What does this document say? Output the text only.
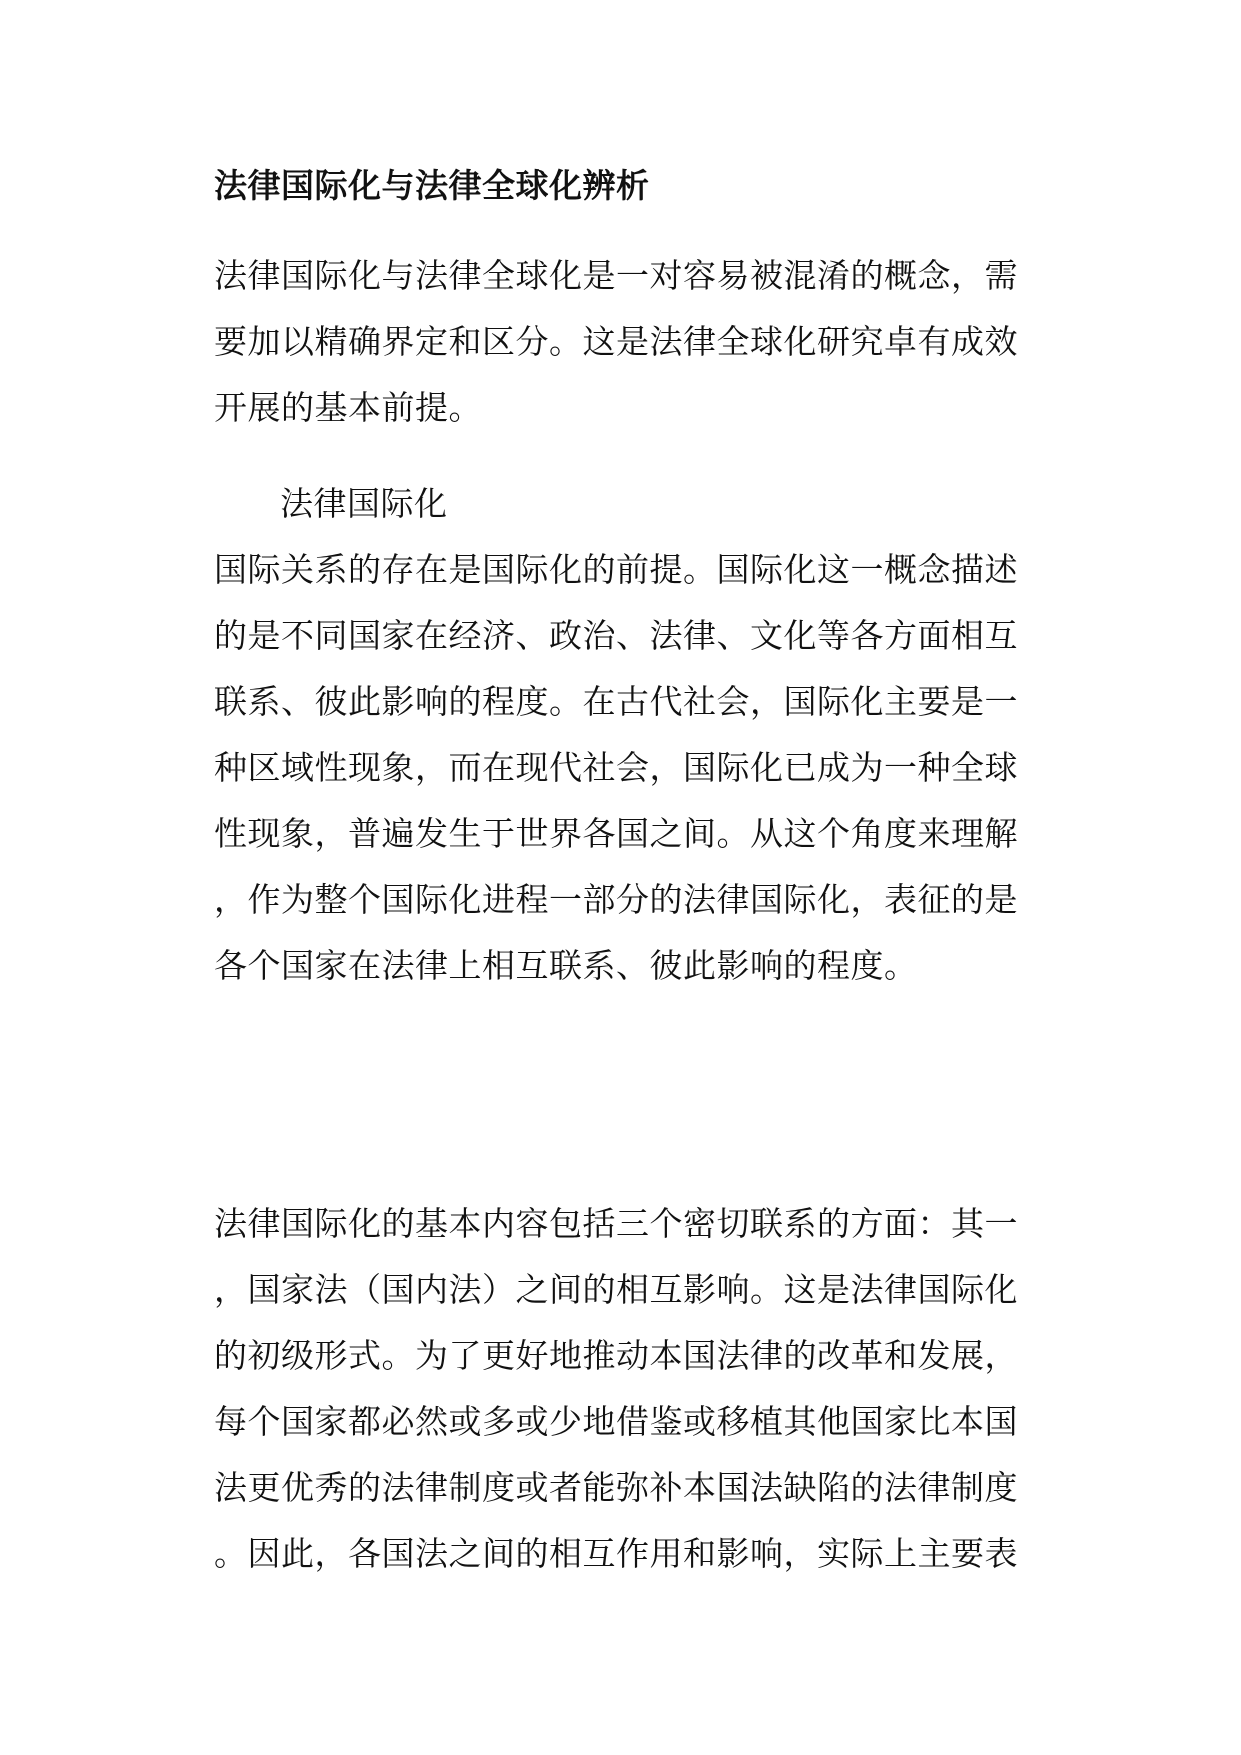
法律国际化与法律全球化辨析
法律国际化与法律全球化是一对容易被混淆的概念，需
要加以精确界定和区分。这是法律全球化研究卓有成效
开展的基本前提。
法律国际化
国际关系的存在是国际化的前提。国际化这一概念描述
的是不同国家在经济、政治、法律、文化等各方面相互
联系、彼此影响的程度。在古代社会，国际化主要是一
种区域性现象，而在现代社会，国际化已成为一种全球
性现象，普遍发生于世界各国之间。从这个角度来理解
，作为整个国际化进程一部分的法律国际化，表征的是
各个国家在法律上相互联系、彼此影响的程度。
法律国际化的基本内容包括三个密切联系的方面：其一
，国家法（国内法）之间的相互影响。这是法律国际化
的初级形式。为了更好地推动本国法律的改革和发展，
每个国家都必然或多或少地借鉴或移植其他国家比本国
法更优秀的法律制度或者能弥补本国法缺陷的法律制度
。因此，各国法之间的相互作用和影响，实际上主要表
